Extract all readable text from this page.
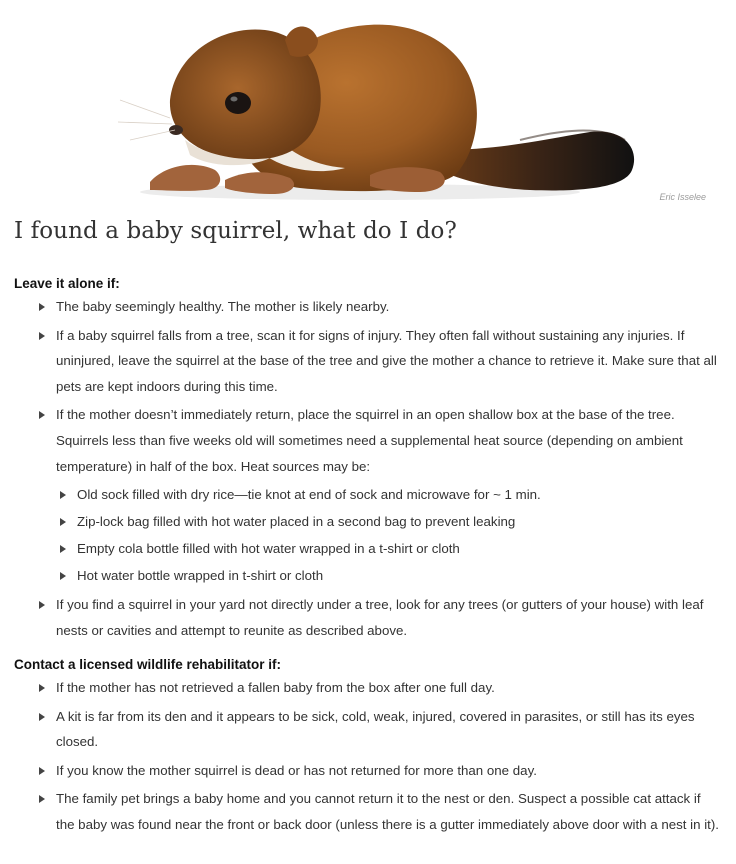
Eric Isselee
I found a baby squirrel, what do I do?
Leave it alone if:
The baby seemingly healthy. The mother is likely nearby.
If a baby squirrel falls from a tree, scan it for signs of injury. They often fall without sustaining any injuries. If uninjured, leave the squirrel at the base of the tree and give the mother a chance to retrieve it. Make sure that all pets are kept indoors during this time.
If the mother doesn’t immediately return, place the squirrel in an open shallow box at the base of the tree. Squirrels less than five weeks old will sometimes need a supplemental heat source (depending on ambient temperature) in half of the box. Heat sources may be:
Old sock filled with dry rice—tie knot at end of sock and microwave for ~ 1 min.
Zip-lock bag filled with hot water placed in a second bag to prevent leaking
Empty cola bottle filled with hot water wrapped in a t-shirt or cloth
Hot water bottle wrapped in t-shirt or cloth
If you find a squirrel in your yard not directly under a tree, look for any trees (or gutters of your house) with leaf nests or cavities and attempt to reunite as described above.
Contact a licensed wildlife rehabilitator if:
If the mother has not retrieved a fallen baby from the box after one full day.
A kit is far from its den and it appears to be sick, cold, weak, injured, covered in parasites, or still has its eyes closed.
If you know the mother squirrel is dead or has not returned for more than one day.
The family pet brings a baby home and you cannot return it to the nest or den. Suspect a possible cat attack if the baby was found near the front or back door (unless there is a gutter immediately above door with a nest in it).
